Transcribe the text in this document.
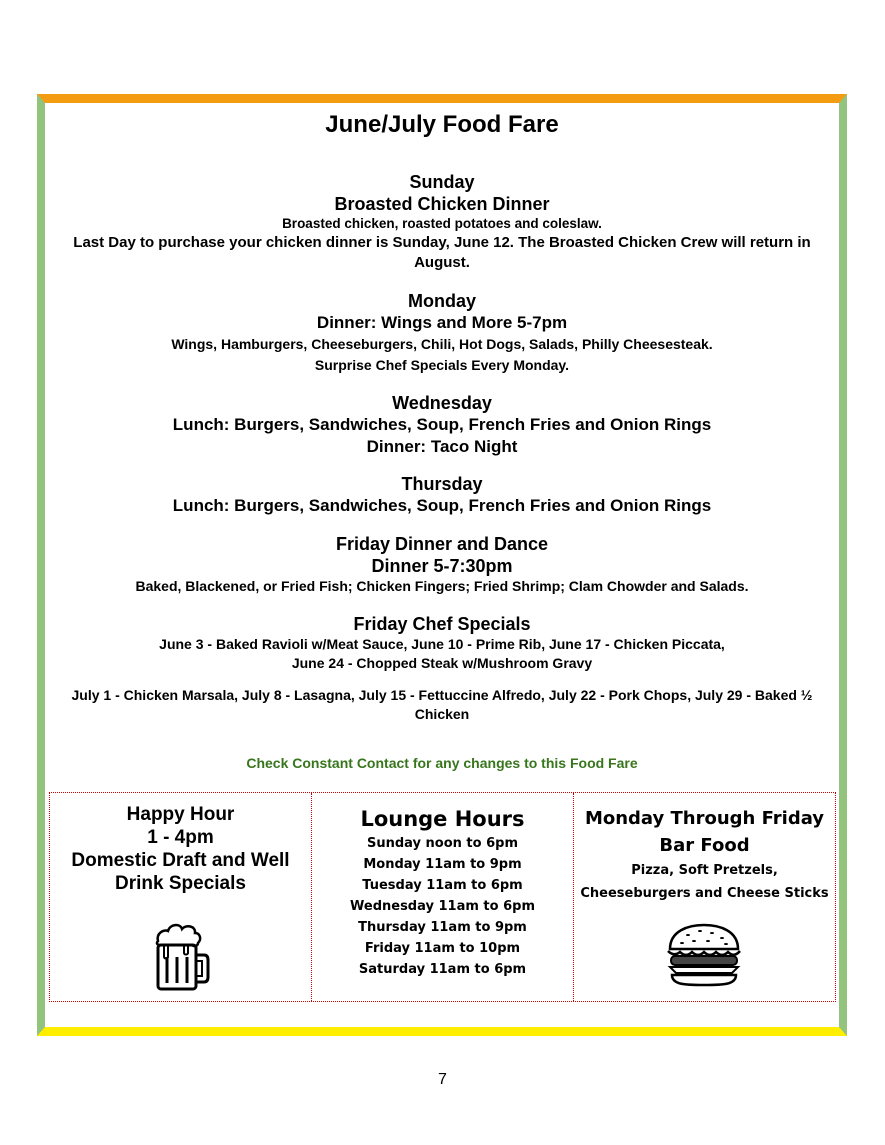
June/July Food Fare
Sunday
Broasted Chicken Dinner
Broasted chicken, roasted potatoes and coleslaw.
Last Day to purchase your chicken dinner is Sunday, June 12. The Broasted Chicken Crew will return in August.
Monday
Dinner: Wings and More 5-7pm
Wings, Hamburgers, Cheeseburgers, Chili, Hot Dogs, Salads, Philly Cheesesteak.
Surprise Chef Specials Every Monday.
Wednesday
Lunch: Burgers, Sandwiches, Soup, French Fries and Onion Rings
Dinner: Taco Night
Thursday
Lunch: Burgers, Sandwiches, Soup, French Fries and Onion Rings
Friday Dinner and Dance
Dinner 5-7:30pm
Baked, Blackened, or Fried Fish; Chicken Fingers; Fried Shrimp; Clam Chowder and Salads.
Friday Chef Specials
June 3 - Baked Ravioli w/Meat Sauce, June 10 - Prime Rib, June 17 - Chicken Piccata,
June 24 - Chopped Steak w/Mushroom Gravy
July 1 - Chicken Marsala, July 8 - Lasagna, July 15 - Fettuccine Alfredo, July 22 - Pork Chops, July 29 - Baked ½ Chicken
Check Constant Contact for any changes to this Food Fare
Happy Hour
1 - 4pm
Domestic Draft and Well
Drink Specials
Lounge Hours
Sunday noon to 6pm
Monday 11am to 9pm
Tuesday 11am to 6pm
Wednesday 11am to 6pm
Thursday 11am to 9pm
Friday 11am to 10pm
Saturday 11am to 6pm
Monday Through Friday
Bar Food
Pizza, Soft Pretzels,
Cheeseburgers and Cheese Sticks
7
